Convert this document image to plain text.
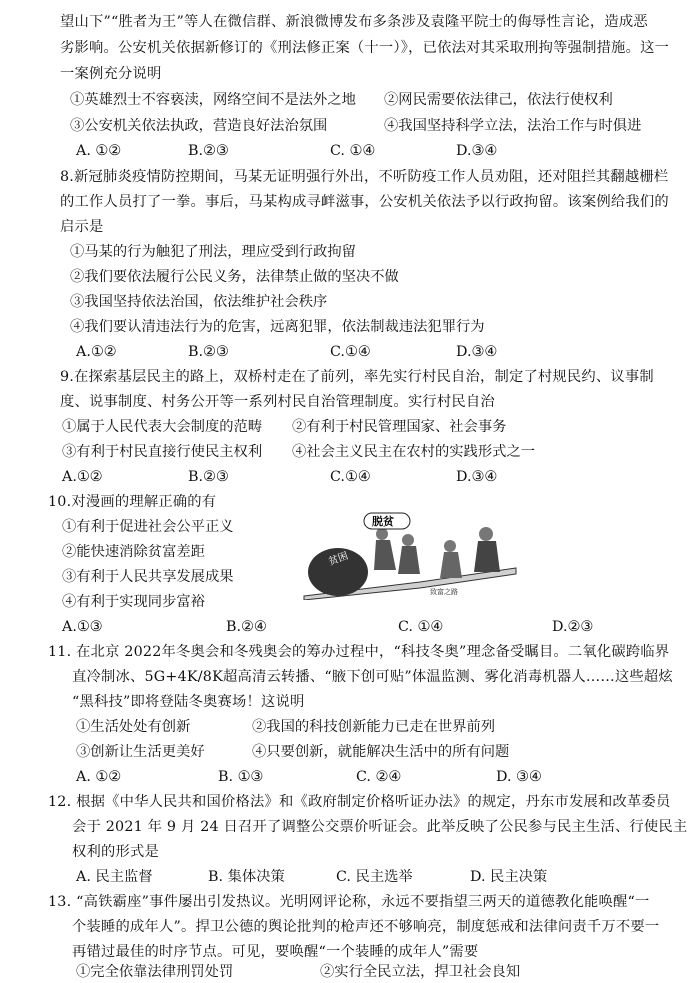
望山下”“胜者为王”等人在微信群、新浪微博发布多条涉及袁隆平院士的侮辱性言论，造成恶
劣影响。公安机关依据新修订的《刑法修正案（十一）》，已依法对其采取刑拘等强制措施。这一
一案例充分说明
①英雄烈士不容亵渎，网络空间不是法外之地 ②网民需要依法律己，依法行使权利
③公安机关依法执政，营造良好法治氛围	④我国坚持科学立法，法治工作与时俱进
A. ①②	B.②③	C. ①④	D.③④
8.新冠肺炎疫情防控期间，马某无证明强行外出，不听防疫工作人员劝阻，还对阻拦其翻越栅栏
的工作人员打了一拳。事后，马某构成寻衅滋事，公安机关依法予以行政拘留。该案例给我们的
启示是
①马某的行为触犯了刑法，理应受到行政拘留
②我们要依法履行公民义务，法律禁止做的坚决不做
③我国坚持依法治国，依法维护社会秩序
④我们要认清违法行为的危害，远离犯罪，依法制裁违法犯罪行为
A.①②	B.②③	C.①④	D.③④
9.在探索基层民主的路上，双桥村走在了前列，率先实行村民自治，制定了村规民约、议事制
度、说事制度、村务公开等一系列村民自治管理制度。实行村民自治
①属于人民代表大会制度的范畴 ②有利于村民管理国家、社会事务
③有利于村民直接行使民主权利 ④社会主义民主在农村的实践形式之一
A.①②	B.②③	C.①④	D.③④
10.对漫画的理解正确的有
①有利于促进社会公平正义
②能快速消除贫富差距
③有利于人民共享发展成果
④有利于实现同步富裕
A.①③	B.②④	C. ①④	D.②③
贫困
脱贫
致富之路
11. 在北京 2022年冬奥会和冬残奥会的筹办过程中，“科技冬奥”理念备受瞩目。二氧化碳跨临界
直冷制冰、5G+4K/8K超高清云转播、“腋下创可贴”体温监测、雾化消毒机器人……这些超炫
“黑科技”即将登陆冬奥赛场！这说明
①生活处处有创新	②我国的科技创新能力已走在世界前列
③创新让生活更美好	④只要创新，就能解决生活中的所有问题
A. ①②	B. ①③	C. ②④	D. ③④
12. 根据《中华人民共和国价格法》和《政府制定价格听证办法》的规定，丹东市发展和改革委员
会于 2021 年 9 月 24 日召开了调整公交票价听证会。此举反映了公民参与民主生活、行使民主
权利的形式是
A. 民主监督	B. 集体决策	C. 民主选举	D. 民主决策
13. “高铁霸座”事件屡出引发热议。光明网评论称，永远不要指望三两天的道德教化能唤醒“一
个装睡的成年人”。捍卫公德的舆论批判的枪声还不够响亮，制度惩戒和法律问责千万不要一
再错过最佳的时序节点。可见，要唤醒“一个装睡的成年人”需要
①完全依靠法律刑罚处罚	②实行全民立法，捍卫社会良知
